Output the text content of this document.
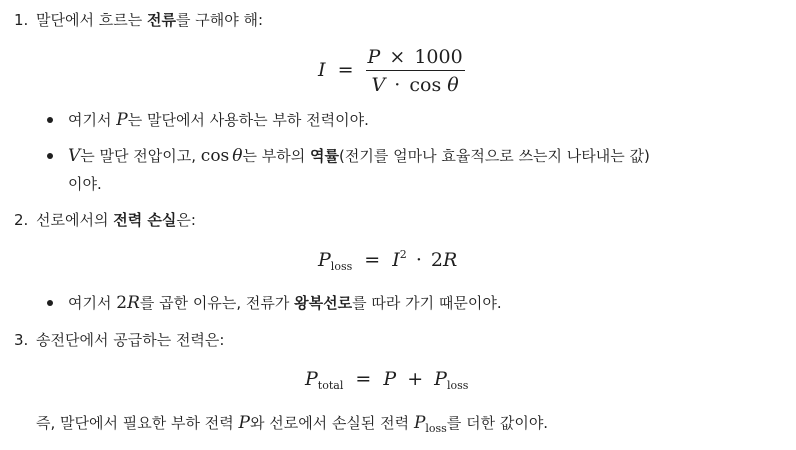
1. 말단에서 흐르는 전류를 구해야 해:
$I = \frac{P \times 1000}{\text{V · cos θ}}$
여기서 P는 말단에서 사용하는 부하 전력이야.
V는 말단 전압이고, cos  θ는 부하의 역률(전기를 얼마나 효율적으로 쓰는지 나타내는 값)
이야.
2. 선로에서의 전력 손실은:
$P_{loss} = I^2 \cdot 2R$
여기서 2R를 곱한 이유는, 전류가 왕복선로를 따라 가기 때문이야.
3. 송전단에서 공급하는 전력은:
$P_{total} = P + P_{loss}$
즉, 말단에서 필요한 부하 전력 P와 선로에서 손실된 전력 $P_{loss}$를 더한 값이야.
